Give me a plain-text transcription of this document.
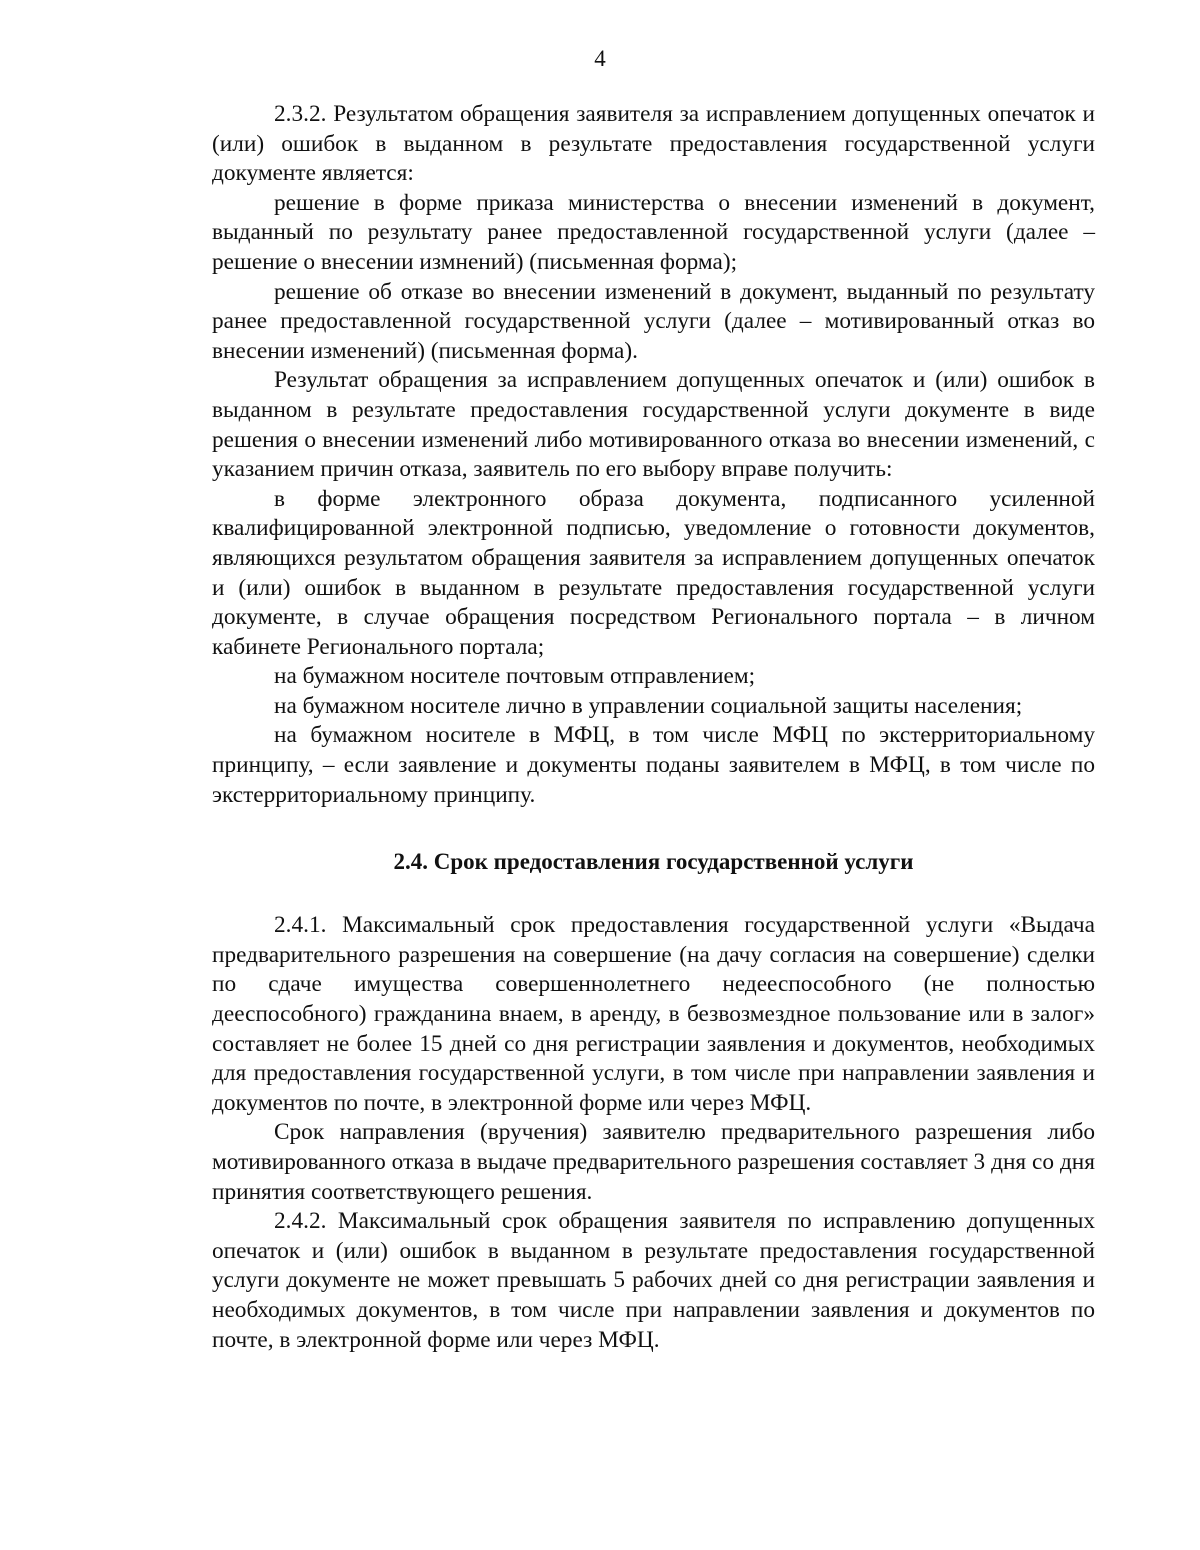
4

2.3.2. Результатом обращения заявителя за исправлением допущенных опечаток и (или) ошибок в выданном в результате предоставления государственной услуги документе является:

решение в форме приказа министерства о внесении изменений в документ, выданный по результату ранее предоставленной государственной услуги (далее – решение о внесении измнений) (письменная форма);

решение об отказе во внесении изменений в документ, выданный по результату ранее предоставленной государственной услуги (далее – мотивированный отказ во внесении изменений) (письменная форма).

Результат обращения за исправлением допущенных опечаток и (или) ошибок в выданном в результате предоставления государственной услуги документе в виде решения о внесении изменений либо мотивированного отказа во внесении изменений, с указанием причин отказа, заявитель по его выбору вправе получить:

в форме электронного образа документа, подписанного усиленной квалифицированной электронной подписью, уведомление о готовности документов, являющихся результатом обращения заявителя за исправлением допущенных опечаток и (или) ошибок в выданном в результате предоставления государственной услуги документе, в случае обращения посредством Регионального портала – в личном кабинете Регионального портала;

на бумажном носителе почтовым отправлением;

на бумажном носителе лично в управлении социальной защиты населения;

на бумажном носителе в МФЦ, в том числе МФЦ по экстерриториальному принципу, – если заявление и документы поданы заявителем в МФЦ, в том числе по экстерриториальному принципу.

2.4. Срок предоставления государственной услуги

2.4.1. Максимальный срок предоставления государственной услуги «Выдача предварительного разрешения на совершение (на дачу согласия на совершение) сделки по сдаче имущества совершеннолетнего недееспособного (не полностью дееспособного) гражданина внаем, в аренду, в безвозмездное пользование или в залог» составляет не более 15 дней со дня регистрации заявления и документов, необходимых для предоставления государственной услуги, в том числе при направлении заявления и документов по почте, в электронной форме или через МФЦ.

Срок направления (вручения) заявителю предварительного разрешения либо мотивированного отказа в выдаче предварительного разрешения составляет 3 дня со дня принятия соответствующего решения.

2.4.2. Максимальный срок обращения заявителя по исправлению допущенных опечаток и (или) ошибок в выданном в результате предоставления государственной услуги документе не может превышать 5 рабочих дней со дня регистрации заявления и необходимых документов, в том числе при направлении заявления и документов по почте, в электронной форме или через МФЦ.
